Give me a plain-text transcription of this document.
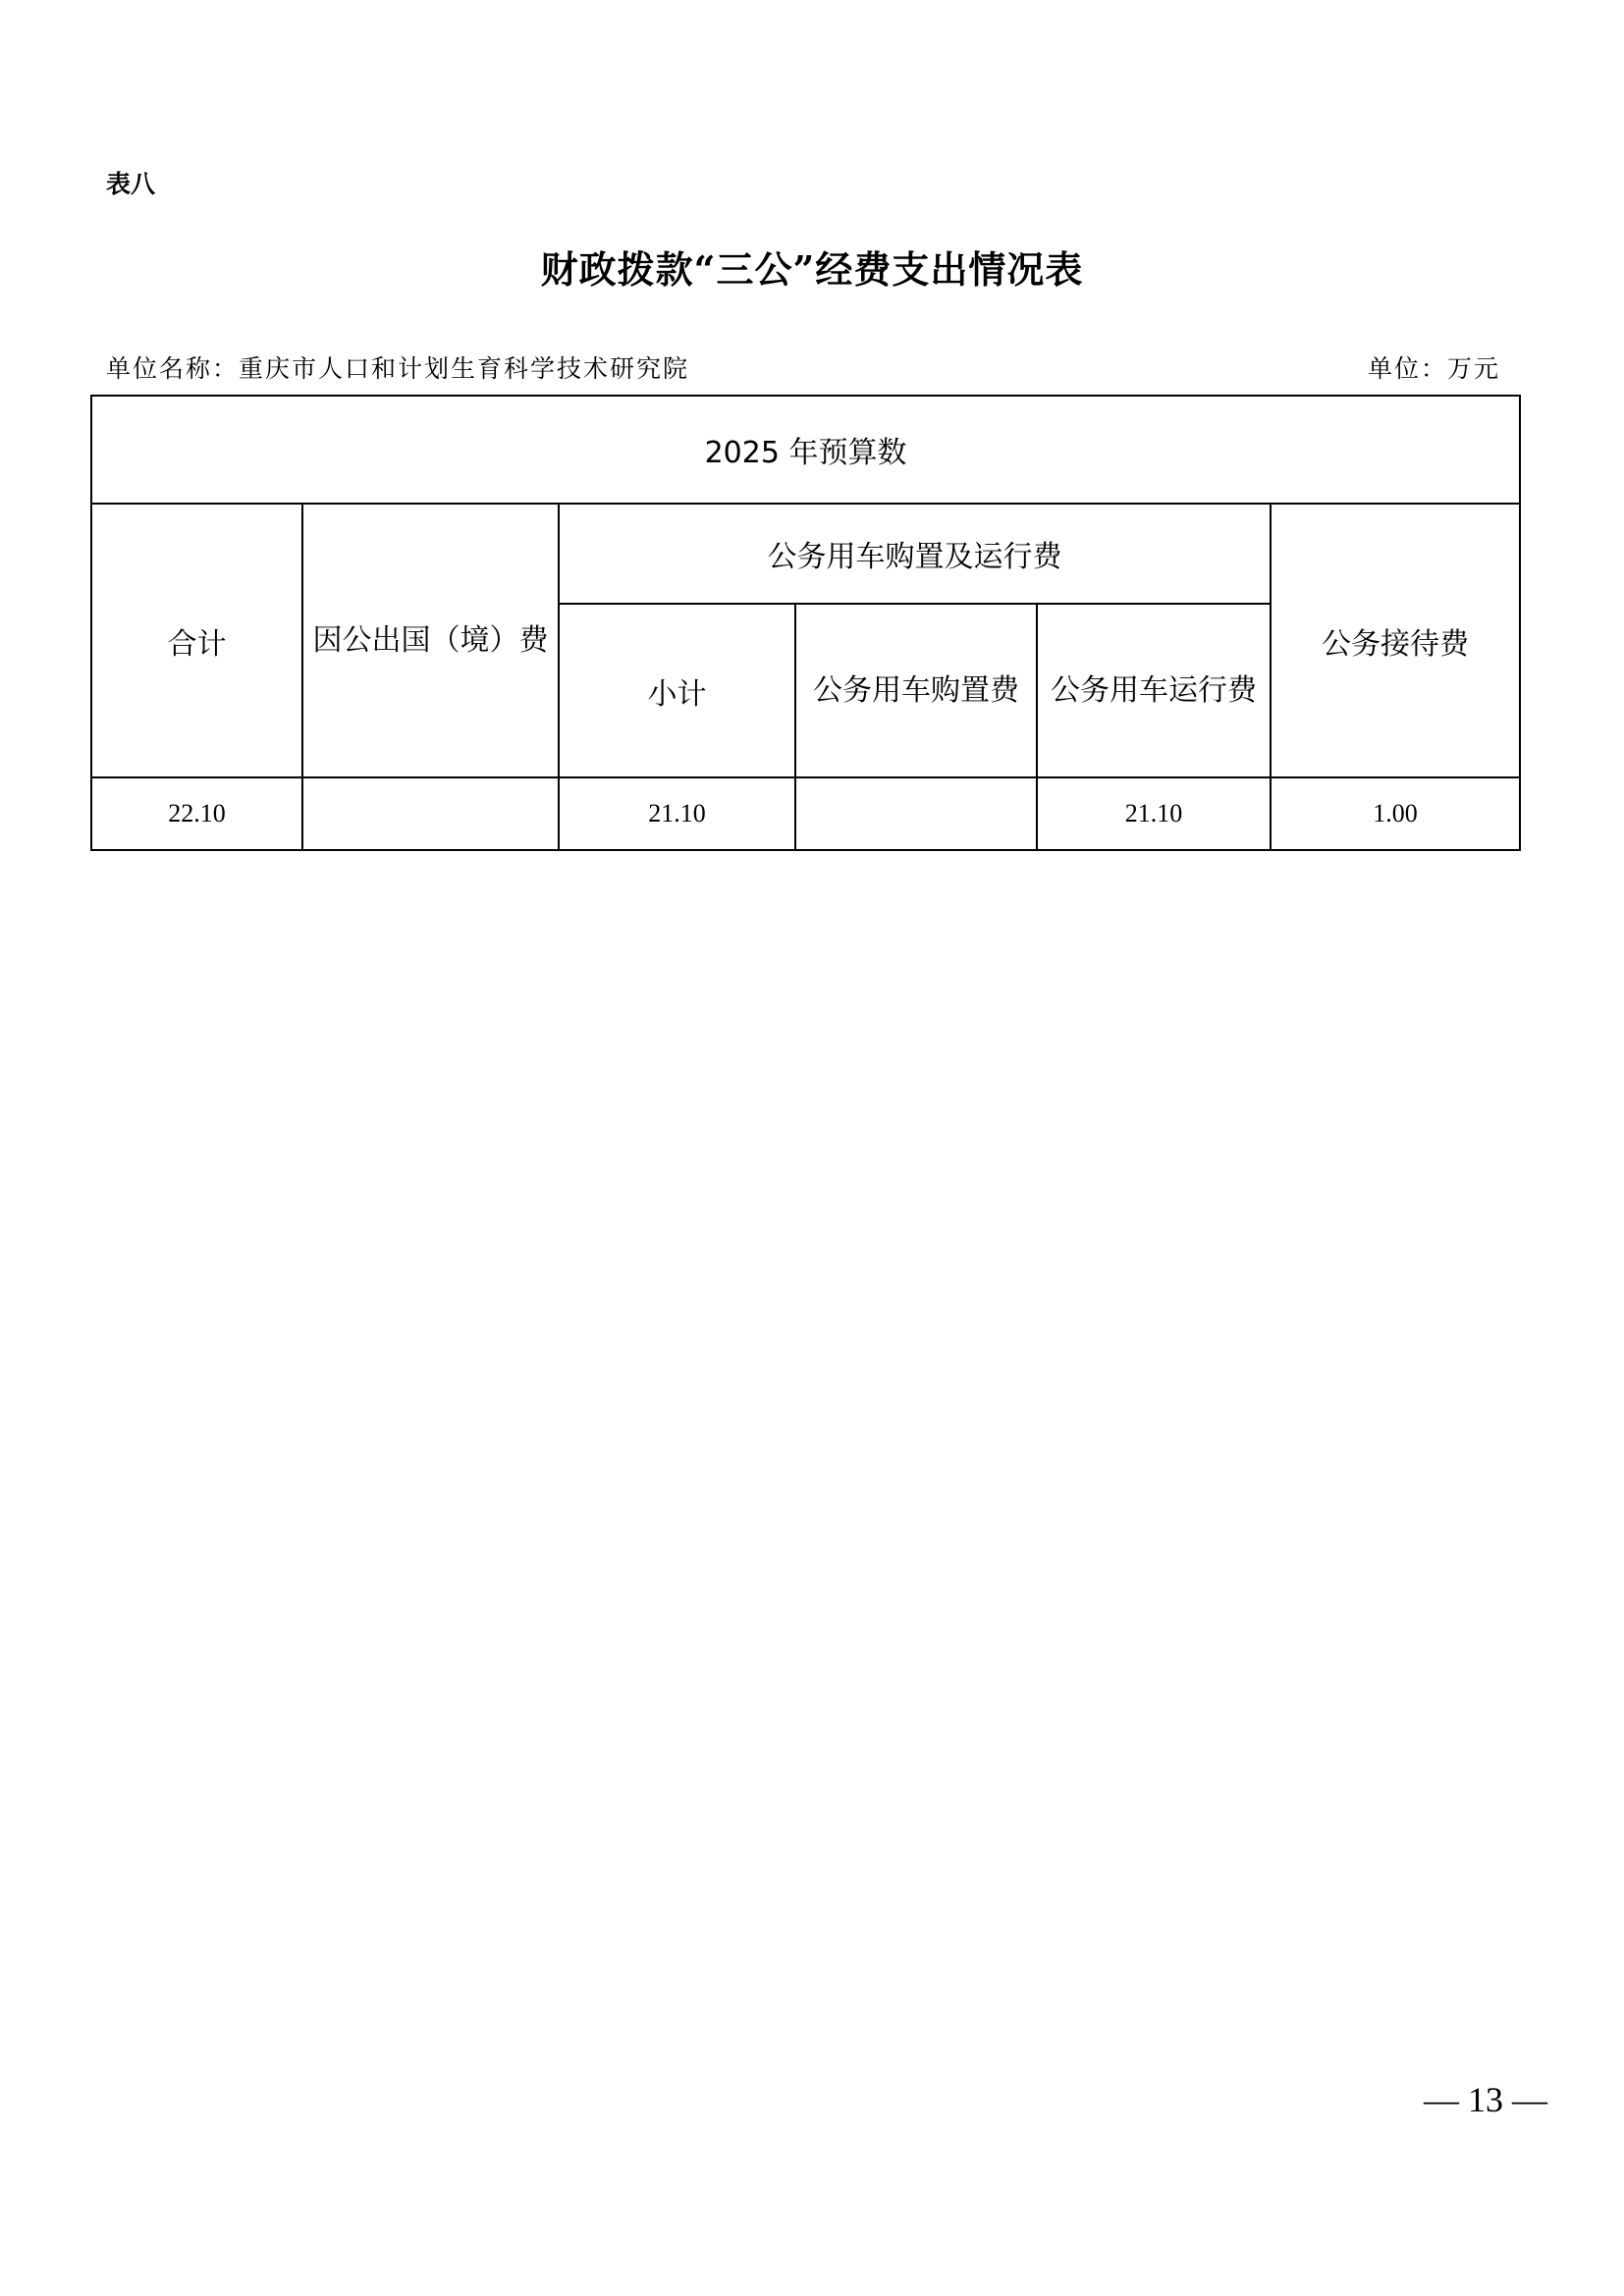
表八
财政拨款“三公”经费支出情况表
单位名称：重庆市人口和计划生育科学技术研究院	单位：万元
2025 年预算数					
合计	因公出国（境）费	公务用车购置及运行费			公务接待费
		小计	公务用车购置费	公务用车运行费	
22.10		21.10		21.10	1.00
— 13 —
